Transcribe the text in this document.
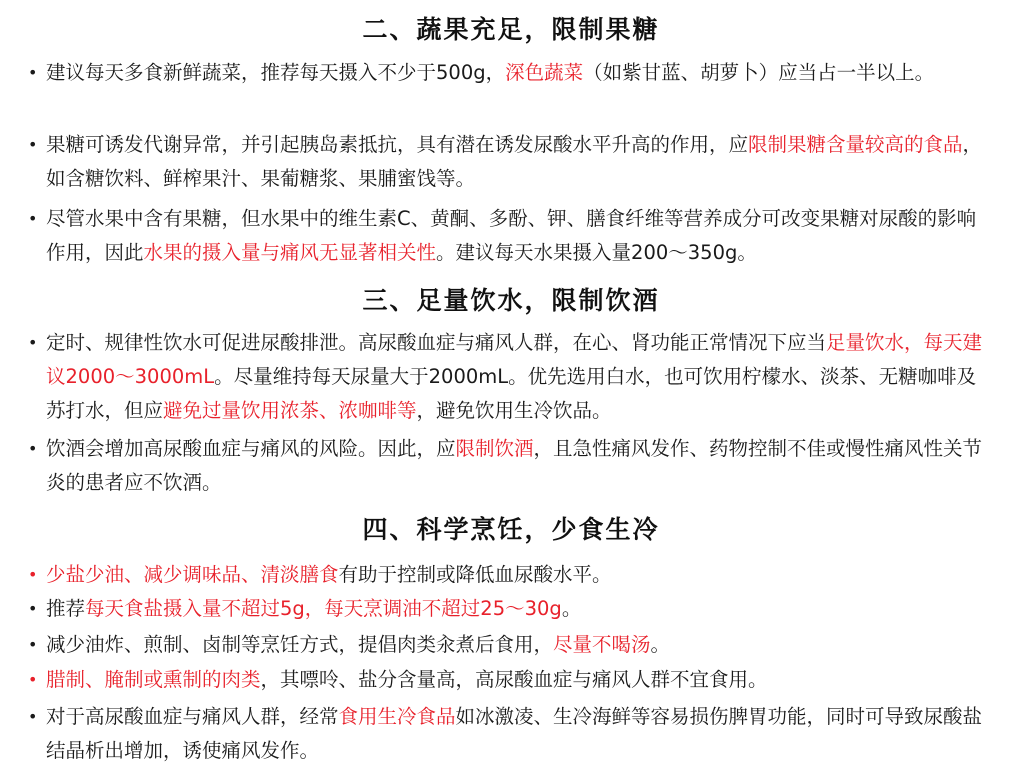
二、蔬果充足，限制果糖
• 建议每天多食新鲜蔬菜，推荐每天摄入不少于500g，深色蔬菜（如紫甘蓝、胡萝卜）应当占一半以上。
• 果糖可诱发代谢异常，并引起胰岛素抵抗，具有潜在诱发尿酸水平升高的作用，应限制果糖含量较高的食品，如含糖饮料、鲜榨果汁、果葡糖浆、果脯蜜饯等。
• 尽管水果中含有果糖，但水果中的维生素C、黄酮、多酚、钾、膳食纤维等营养成分可改变果糖对尿酸的影响作用，因此水果的摄入量与痛风无显著相关性。建议每天水果摄入量200～350g。
三、足量饮水，限制饮酒
• 定时、规律性饮水可促进尿酸排泄。高尿酸血症与痛风人群，在心、肾功能正常情况下应当足量饮水，每天建议2000～3000mL。尽量维持每天尿量大于2000mL。优先选用白水，也可饮用柠檬水、淡茶、无糖咖啡及苏打水，但应避免过量饮用浓茶、浓咖啡等，避免饮用生冷饮品。
• 饮酒会增加高尿酸血症与痛风的风险。因此，应限制饮酒，且急性痛风发作、药物控制不佳或慢性痛风性关节炎的患者应不饮酒。
四、科学烹饪，少食生冷
• 少盐少油、减少调味品、清淡膳食有助于控制或降低血尿酸水平。
• 推荐每天食盐摄入量不超过5g，每天烹调油不超过25～30g。
• 减少油炸、煎制、卤制等烹饪方式，提倡肉类汆煮后食用，尽量不喝汤。
• 腊制、腌制或熏制的肉类，其嘌呤、盐分含量高，高尿酸血症与痛风人群不宜食用。
• 对于高尿酸血症与痛风人群，经常食用生冷食品如冰激凌、生冷海鲜等容易损伤脾胃功能，同时可导致尿酸盐结晶析出增加，诱使痛风发作。
